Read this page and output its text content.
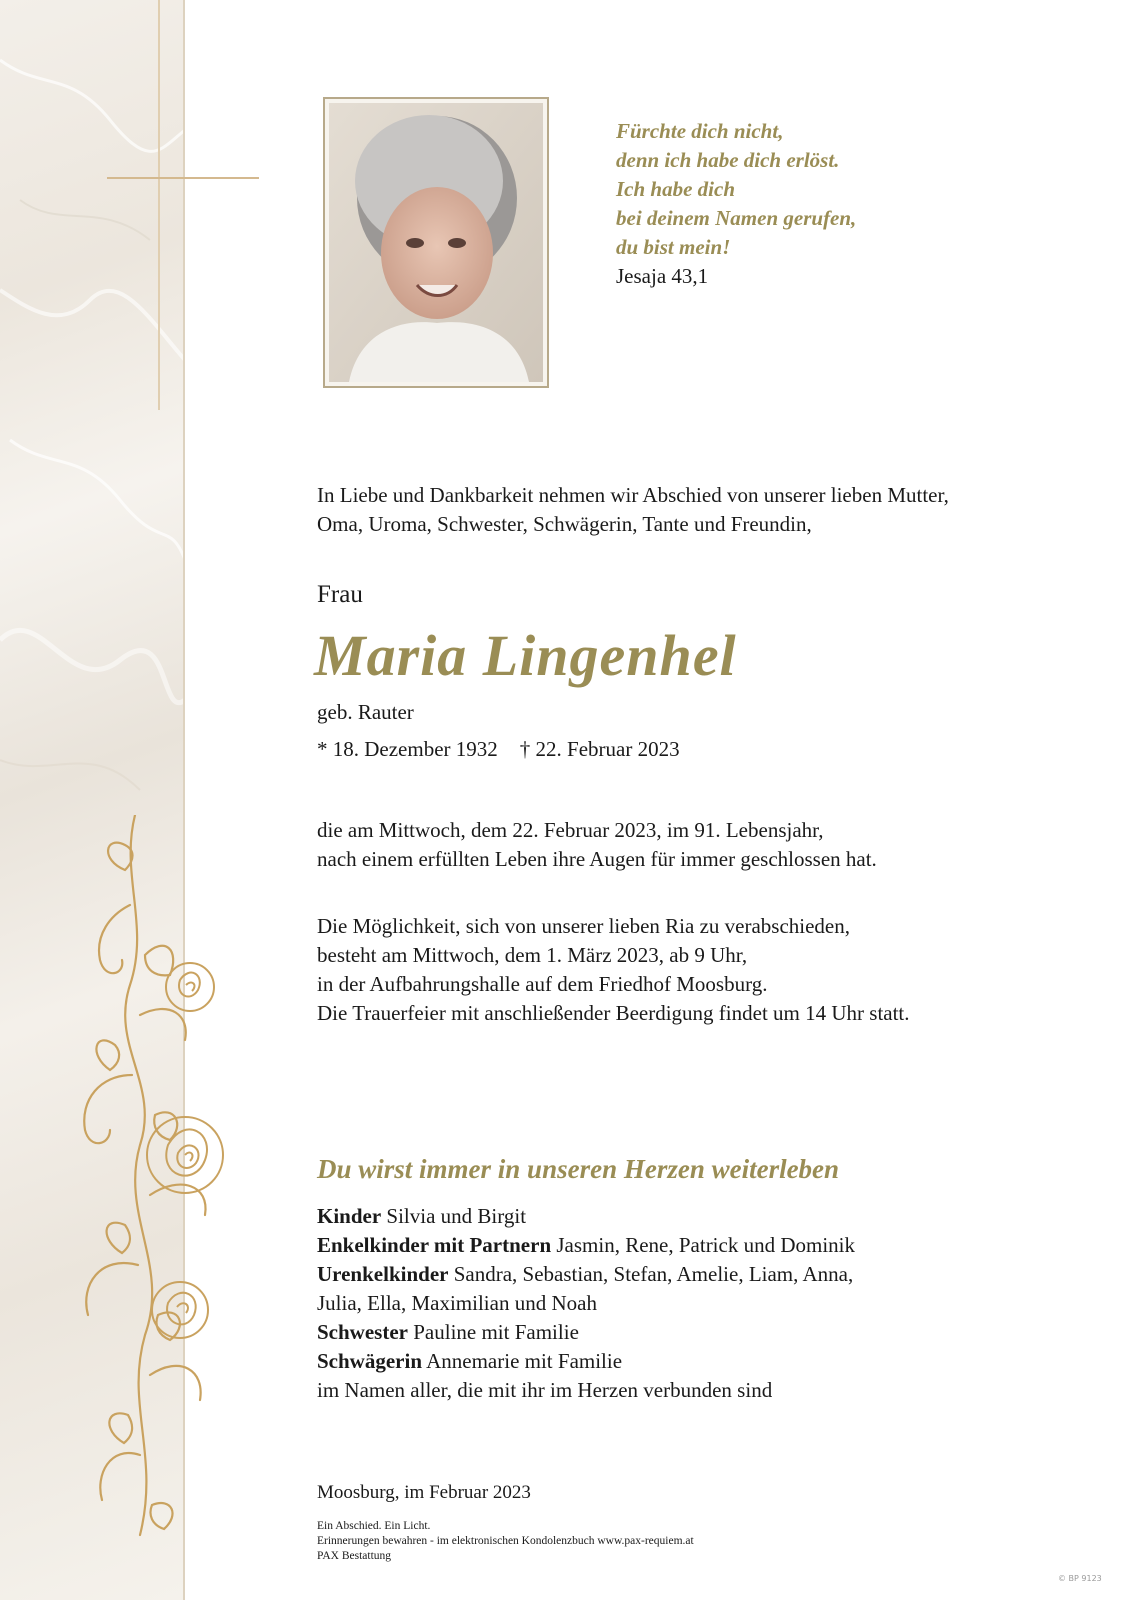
Fürchte dich nicht,
denn ich habe dich erlöst.
Ich habe dich
bei deinem Namen gerufen,
du bist mein!
Jesaja 43,1
In Liebe und Dankbarkeit nehmen wir Abschied von unserer lieben Mutter,
Oma, Uroma, Schwester, Schwägerin, Tante und Freundin,
Frau
Maria Lingenhel
geb. Rauter
* 18. Dezember 1932 † 22. Februar 2023
die am Mittwoch, dem 22. Februar 2023, im 91. Lebensjahr,
nach einem erfüllten Leben ihre Augen für immer geschlossen hat.
Die Möglichkeit, sich von unserer lieben Ria zu verabschieden,
besteht am Mittwoch, dem 1. März 2023, ab 9 Uhr,
in der Aufbahrungshalle auf dem Friedhof Moosburg.
Die Trauerfeier mit anschließender Beerdigung findet um 14 Uhr statt.
Du wirst immer in unseren Herzen weiterleben
Kinder Silvia und Birgit
Enkelkinder mit Partnern Jasmin, Rene, Patrick und Dominik
Urenkelkinder Sandra, Sebastian, Stefan, Amelie, Liam, Anna,
Julia, Ella, Maximilian und Noah
Schwester Pauline mit Familie
Schwägerin Annemarie mit Familie
im Namen aller, die mit ihr im Herzen verbunden sind
Moosburg, im Februar 2023
Ein Abschied. Ein Licht.
Erinnerungen bewahren - im elektronischen Kondolenzbuch www.pax-requiem.at
PAX Bestattung
© BP 9123
